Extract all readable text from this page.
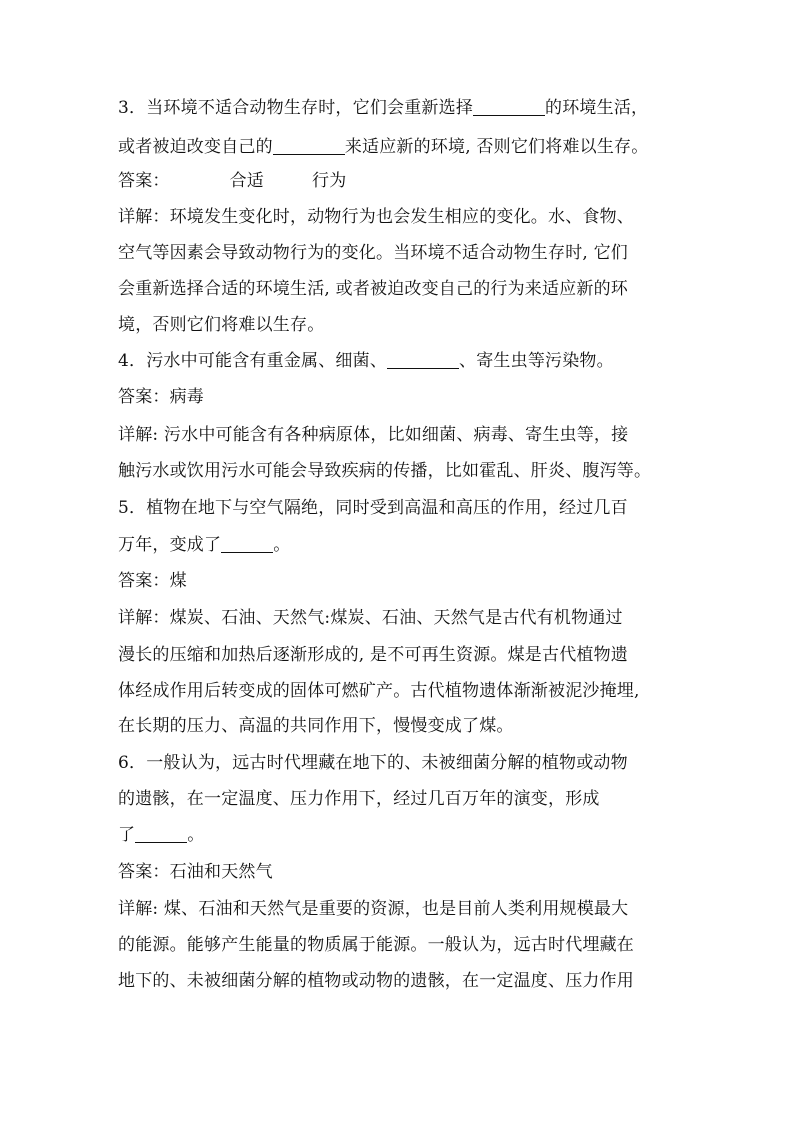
3．当环境不适合动物生存时，它们会重新选择	的环境生活，
或者被迫改变自己的	来适应新的环境, 否则它们将难以生存。
答案：	合适	行为
详解：环境发生变化时，动物行为也会发生相应的变化。水、食物、
空气等因素会导致动物行为的变化。当环境不适合动物生存时, 它们
会重新选择合适的环境生活, 或者被迫改变自己的行为来适应新的环
境，否则它们将难以生存。
4．污水中可能含有重金属、细菌、	、寄生虫等污染物。
答案：病毒
详解: 污水中可能含有各种病原体，比如细菌、病毒、寄生虫等，接
触污水或饮用污水可能会导致疾病的传播，比如霍乱、肝炎、腹泻等。
5．植物在地下与空气隔绝，同时受到高温和高压的作用，经过几百
万年，变成了	。
答案：煤
详解：煤炭、石油、天然气:煤炭、石油、天然气是古代有机物通过
漫长的压缩和加热后逐渐形成的, 是不可再生资源。煤是古代植物遗
体经成作用后转变成的固体可燃矿产。古代植物遗体渐渐被泥沙掩埋,
在长期的压力、高温的共同作用下，慢慢变成了煤。
6．一般认为，远古时代埋藏在地下的、未被细菌分解的植物或动物
的遗骸，在一定温度、压力作用下，经过几百万年的演变，形成
了	。
答案：石油和天然气
详解: 煤、石油和天然气是重要的资源，也是目前人类利用规模最大
的能源。能够产生能量的物质属于能源。一般认为，远古时代埋藏在
地下的、未被细菌分解的植物或动物的遗骸，在一定温度、压力作用
